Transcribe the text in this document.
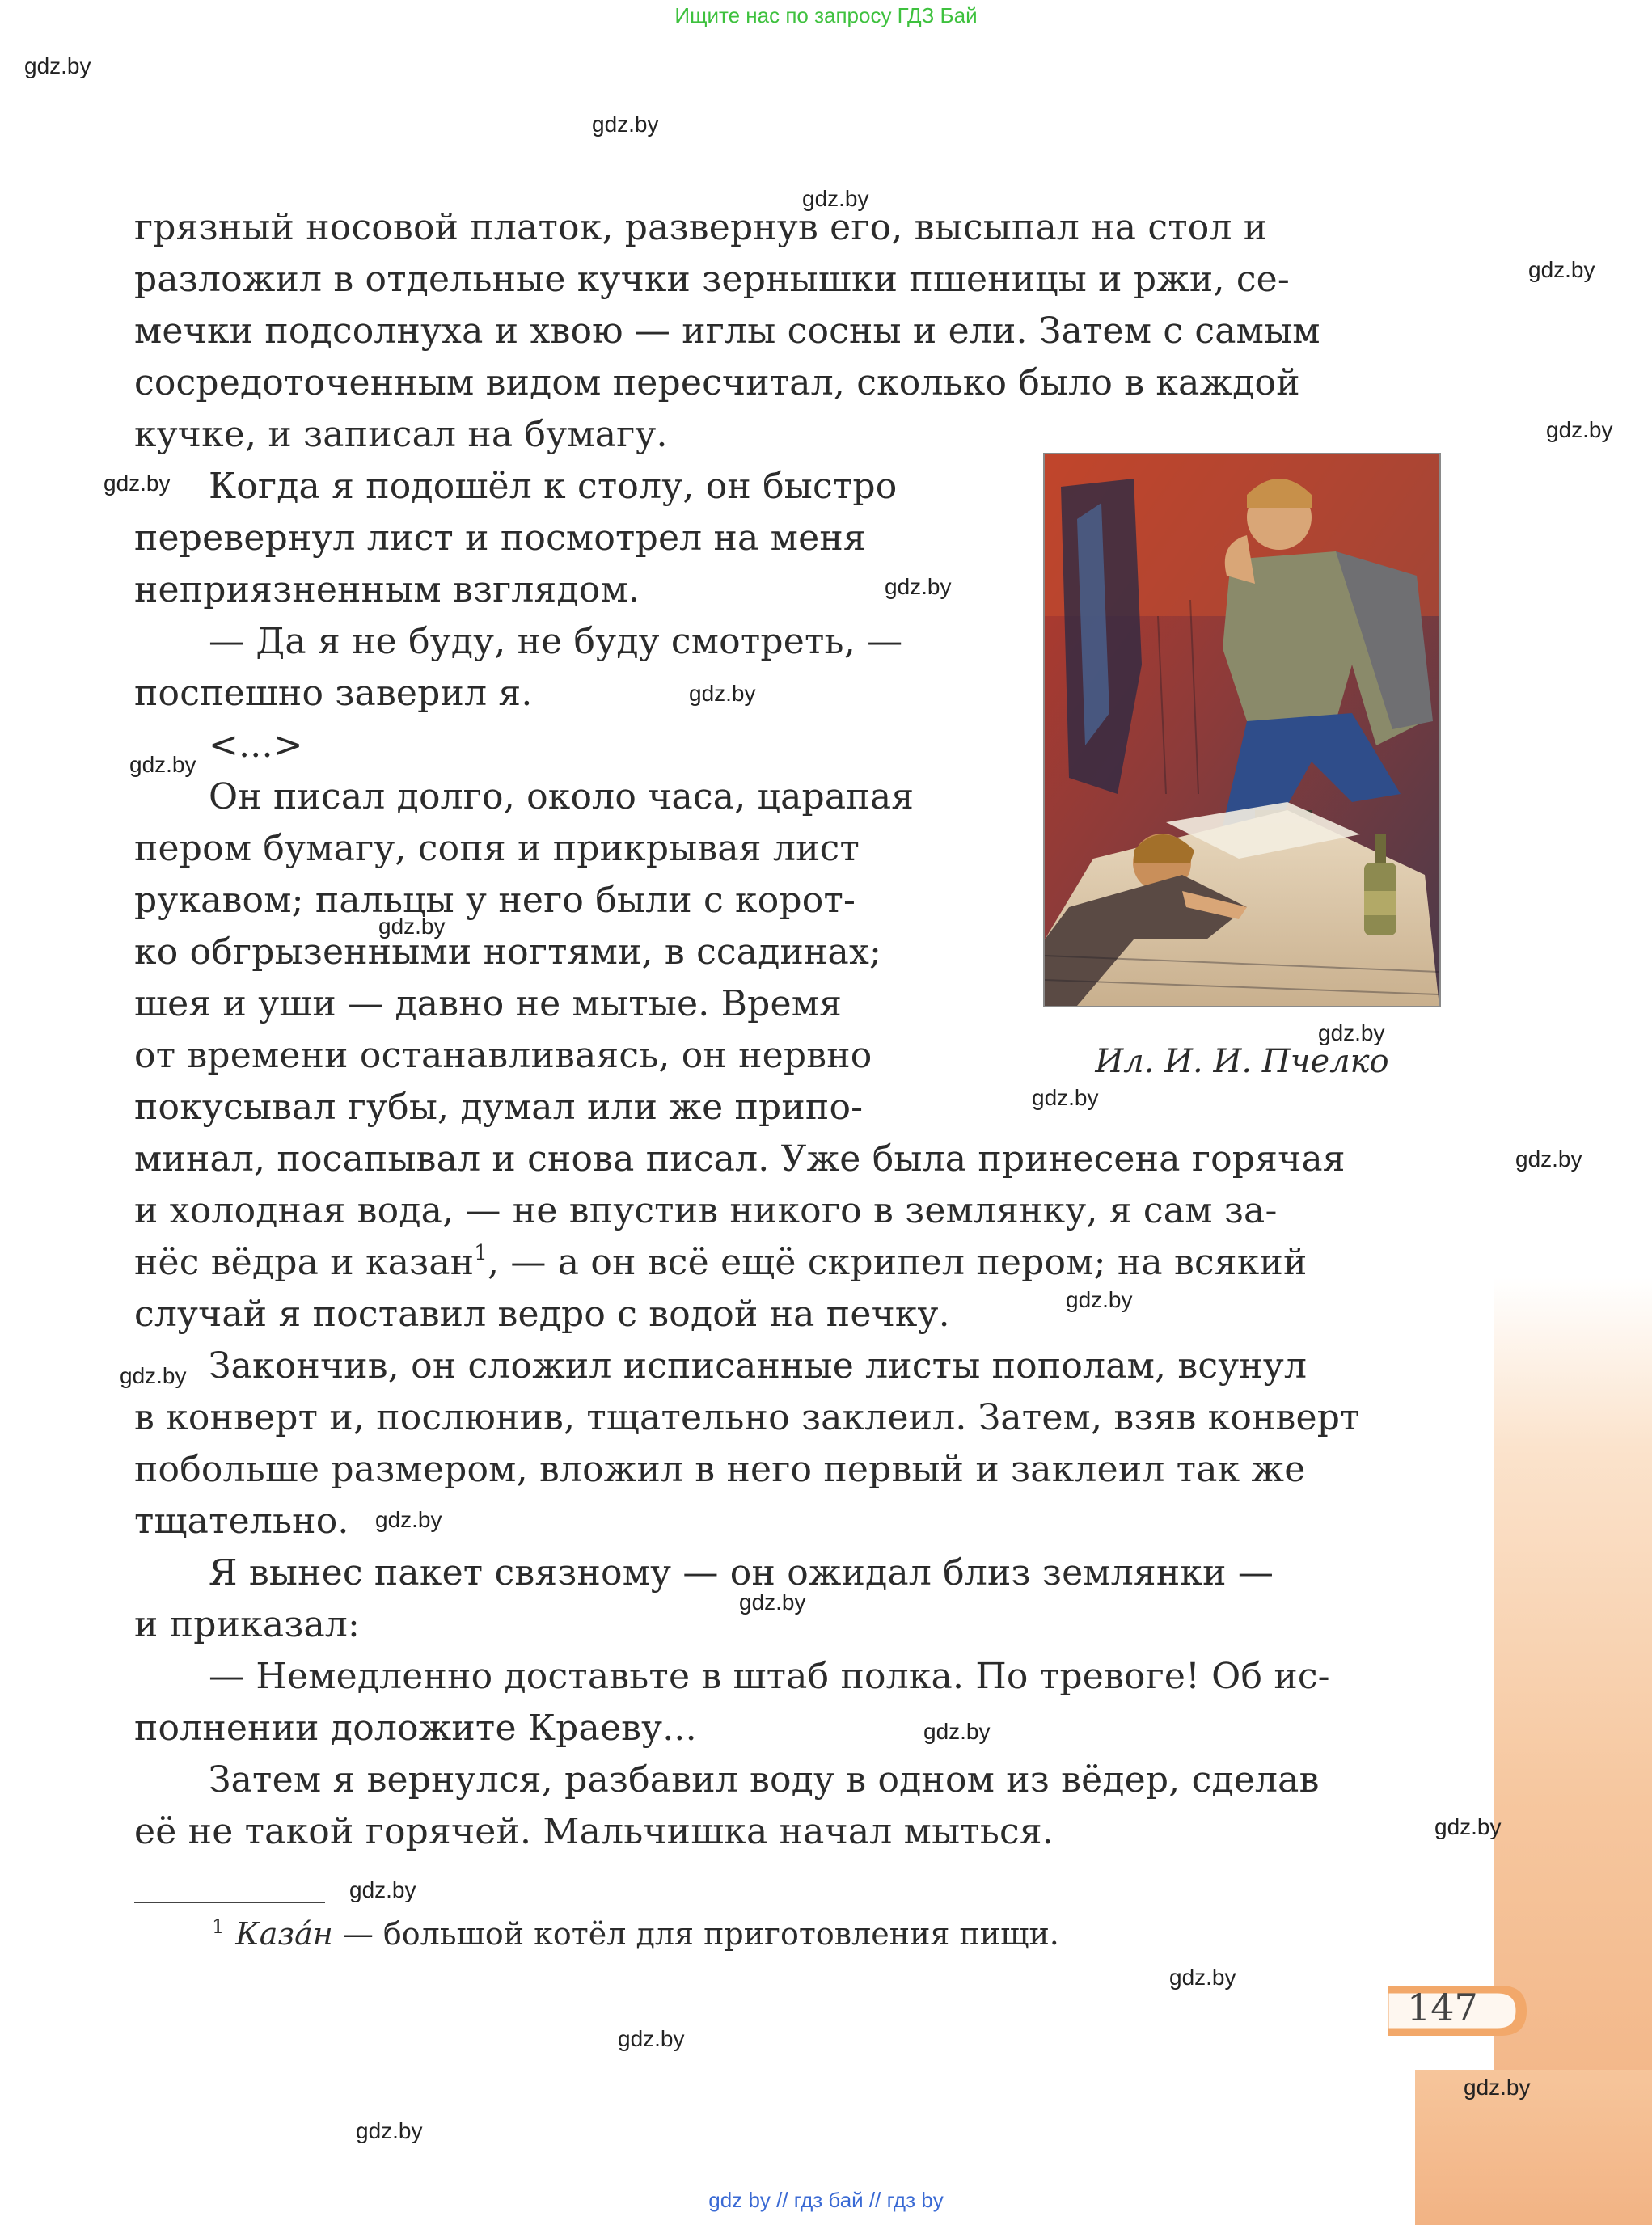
Ищите нас по запросу ГДЗ Бай
gdz.by
gdz.by
gdz.by
gdz.by
gdz.by
gdz.by
gdz.by
gdz.by
gdz.by
gdz.by
gdz.by
gdz.by
gdz.by
gdz.by
gdz.by
gdz.by
gdz.by
gdz.by
gdz.by
gdz.by
gdz.by
gdz.by
gdz.by
gdz.by
грязный носовой платок, развернув его, высыпал на стол и
разложил в отдельные кучки зернышки пшеницы и ржи, се-
мечки подсолнуха и хвою — иглы сосны и ели. Затем с самым
сосредоточенным видом пересчитал, сколько было в каждой
кучке, и записал на бумагу.
Когда я подошёл к столу, он быстро
перевернул лист и посмотрел на меня
неприязненным взглядом.
— Да я не буду, не буду смотреть, —
поспешно заверил я.
<...>
Он писал долго, около часа, царапая
пером бумагу, сопя и прикрывая лист
рукавом; пальцы у него были с корот-
ко обгрызенными ногтями, в ссадинах;
шея и уши — давно не мытые. Время
от времени останавливаясь, он нервно
покусывал губы, думал или же припо-
минал, посапывал и снова писал. Уже была принесена горячая
и холодная вода, — не впустив никого в землянку, я сам за-
нёс вёдра и казан$^1$, — а он всё ещё скрипел пером; на всякий
случай я поставил ведро с водой на печку.
Закончив, он сложил исписанные листы пополам, всунул
в конверт и, послюнив, тщательно заклеил. Затем, взяв конверт
побольше размером, вложил в него первый и заклеил так же
тщательно.
Я вынес пакет связному — он ожидал близ землянки —
и приказал:
— Немедленно доставьте в штаб полка. По тревоге! Об ис-
полнении доложите Краеву...
Затем я вернулся, разбавил воду в одном из вёдер, сделав
её не такой горячей. Мальчишка начал мыться.
Ил. И. И. Пчелко
$^1$ Каза́н — большой котёл для приготовления пищи.
147
gdz by // гдз бай // гдз by
